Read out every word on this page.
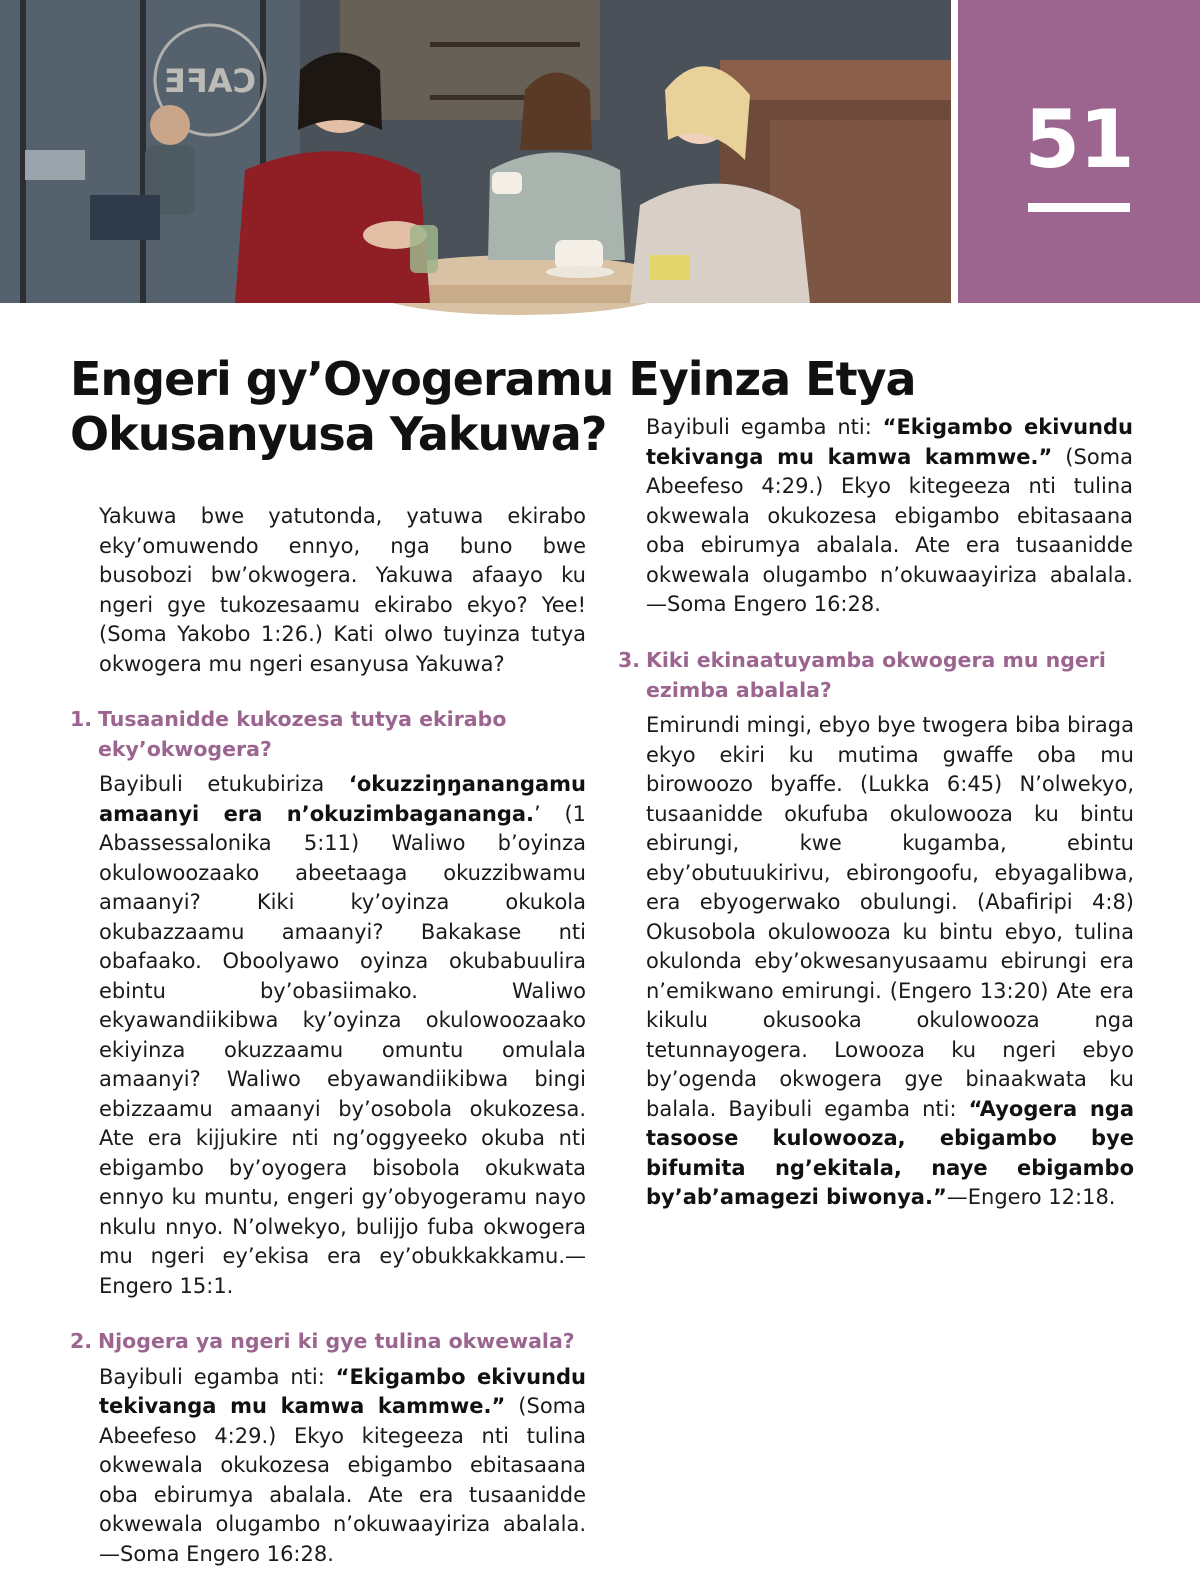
CAFE
51
Engeri gy’Oyogeramu Eyinza Etya
Okusanyusa Yakuwa?

Yakuwa bwe yatutonda, yatuwa ekirabo eky’omuwendo ennyo, nga buno bwe busobozi bw’okwogera. Yakuwa afaayo ku ngeri gye tukozesaamu ekirabo ekyo? Yee! (Soma Yakobo 1:26.) Kati olwo tuyinza tutya okwogera mu ngeri esanyusa Yakuwa?

1. Tusaanidde kukozesa tutya ekirabo eky’okwogera?

Bayibuli etukubiriza ‘okuzziŋŋanangamu amaanyi era n’okuzimbagananga.’ (1 Abassessalonika 5:11) Waliwo b’oyinza okulowoozaako abeetaaga okuzzibwamu amaanyi? Kiki ky’oyinza okukola okubazzaamu amaanyi? Bakakase nti obafaako. Oboolyawo oyinza okubabuulira ebintu by’obasiimako. Waliwo ekyawandiikibwa ky’oyinza okulowoozaako ekiyinza okuzzaamu omuntu omulala amaanyi? Waliwo ebyawandiikibwa bingi ebizzaamu amaanyi by’osobola okukozesa. Ate era kijjukire nti ng’oggyeeko okuba nti ebigambo by’oyogera bisobola okukwata ennyo ku muntu, engeri gy’obyogeramu nayo nkulu nnyo. N’olwekyo, bulijjo fuba okwogera mu ngeri ey’ekisa era ey’obukkakkamu.—Engero 15:1.

2. Njogera ya ngeri ki gye tulina okwewala?

Bayibuli egamba nti: “Ekigambo ekivundu tekivanga mu kamwa kammwe.” (Soma Abeefeso 4:29.) Ekyo kitegeeza nti tulina okwewala okukozesa ebigambo ebitasaana oba ebirumya abalala. Ate era tusaanidde okwewala olugambo n’okuwaayiriza abalala.—Soma Engero 16:28.

Bayibuli egamba nti: “Ekigambo ekivundu tekivanga mu kamwa kammwe.” (Soma Abeefeso 4:29.) Ekyo kitegeeza nti tulina okwewala okukozesa ebigambo ebitasaana oba ebirumya abalala. Ate era tusaanidde okwewala olugambo n’okuwaayiriza abalala.—Soma Engero 16:28.

3. Kiki ekinaatuyamba okwogera mu ngeri ezimba abalala?

Emirundi mingi, ebyo bye twogera biba biraga ekyo ekiri ku mutima gwaffe oba mu birowoozo byaffe. (Lukka 6:45) N’olwekyo, tusaanidde okufuba okulowooza ku bintu ebirungi, kwe kugamba, ebintu eby’obutuukirivu, ebirongoofu, ebyagalibwa, era ebyogerwako obulungi. (Abafiripi 4:8) Okusobola okulowooza ku bintu ebyo, tulina okulonda eby’okwesanyusaamu ebirungi era n’emikwano emirungi. (Engero 13:20) Ate era kikulu okusooka okulowooza nga tetunnayogera. Lowooza ku ngeri ebyo by’ogenda okwogera gye binaakwata ku balala. Bayibuli egamba nti: “Ayogera nga tasoose kulowooza, ebigambo bye bifumita ng’ekitala, naye ebigambo by’ab’amagezi biwonya.”—Engero 12:18.
